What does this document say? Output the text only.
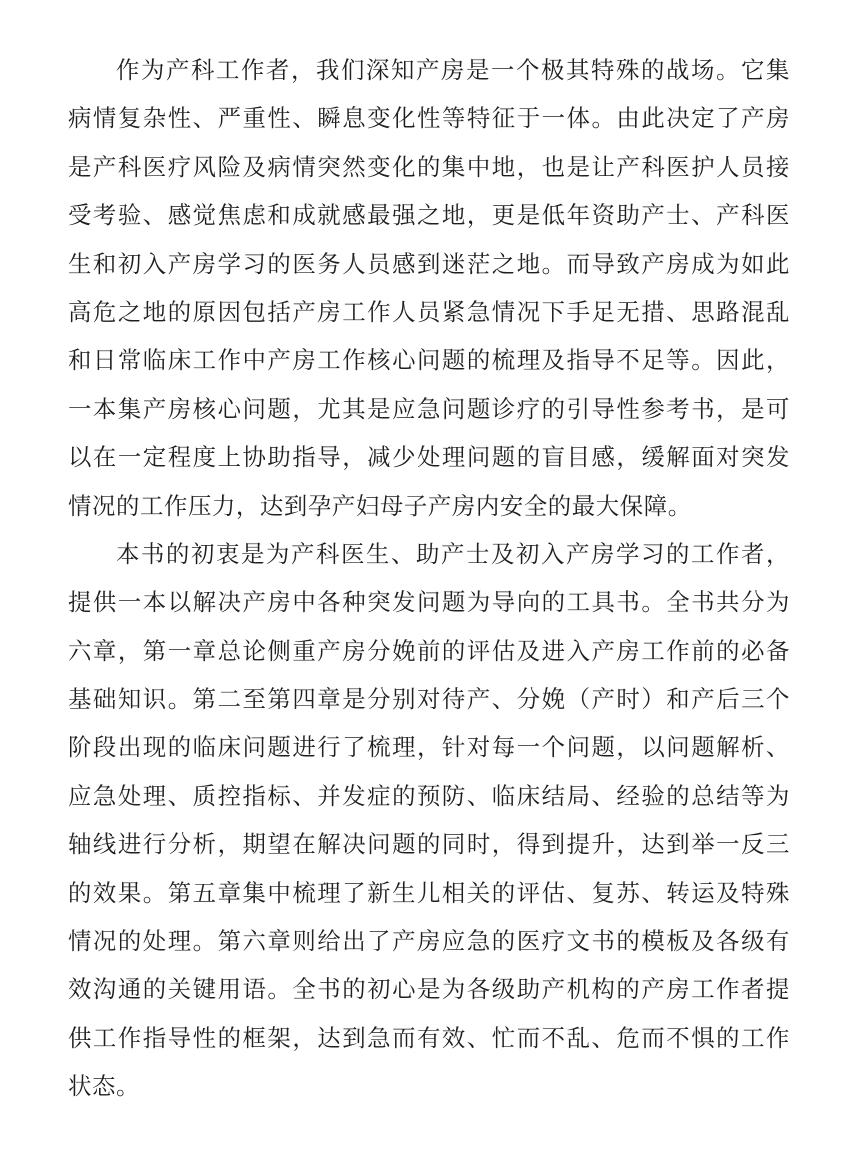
作为产科工作者，我们深知产房是一个极其特殊的战场。它集
病情复杂性、严重性、瞬息变化性等特征于一体。由此决定了产房
是产科医疗风险及病情突然变化的集中地，也是让产科医护人员接
受考验、感觉焦虑和成就感最强之地，更是低年资助产士、产科医
生和初入产房学习的医务人员感到迷茫之地。而导致产房成为如此
高危之地的原因包括产房工作人员紧急情况下手足无措、思路混乱
和日常临床工作中产房工作核心问题的梳理及指导不足等。因此，
一本集产房核心问题，尤其是应急问题诊疗的引导性参考书，是可
以在一定程度上协助指导，减少处理问题的盲目感，缓解面对突发
情况的工作压力，达到孕产妇母子产房内安全的最大保障。
本书的初衷是为产科医生、助产士及初入产房学习的工作者，
提供一本以解决产房中各种突发问题为导向的工具书。全书共分为
六章，第一章总论侧重产房分娩前的评估及进入产房工作前的必备
基础知识。第二至第四章是分别对待产、分娩（产时）和产后三个
阶段出现的临床问题进行了梳理，针对每一个问题，以问题解析、
应急处理、质控指标、并发症的预防、临床结局、经验的总结等为
轴线进行分析，期望在解决问题的同时，得到提升，达到举一反三
的效果。第五章集中梳理了新生儿相关的评估、复苏、转运及特殊
情况的处理。第六章则给出了产房应急的医疗文书的模板及各级有
效沟通的关键用语。全书的初心是为各级助产机构的产房工作者提
供工作指导性的框架，达到急而有效、忙而不乱、危而不惧的工作
状态。
